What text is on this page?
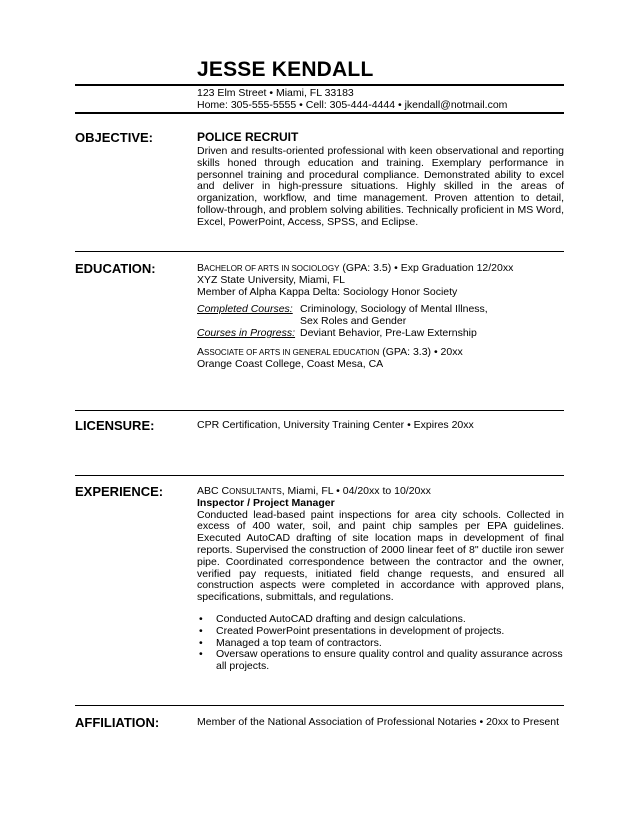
JESSE KENDALL
123 Elm Street • Miami, FL 33183
Home: 305-555-5555 • Cell: 305-444-4444 • jkendall@notmail.com
OBJECTIVE:	POLICE RECRUIT
Driven and results-oriented professional with keen observational and reporting skills honed through education and training. Exemplary performance in personnel training and procedural compliance. Demonstrated ability to excel and deliver in high-pressure situations. Highly skilled in the areas of organization, workflow, and time management. Proven attention to detail, follow-through, and problem solving abilities. Technically proficient in MS Word, Excel, PowerPoint, Access, SPSS, and Eclipse.
EDUCATION:	BACHELOR OF ARTS IN SOCIOLOGY (GPA: 3.5) • Exp Graduation 12/20xx
XYZ State University, Miami, FL
Member of Alpha Kappa Delta: Sociology Honor Society
Completed Courses: Criminology, Sociology of Mental Illness,
Sex Roles and Gender
Courses in Progress: Deviant Behavior, Pre-Law Externship
ASSOCIATE OF ARTS IN GENERAL EDUCATION (GPA: 3.3) • 20xx
Orange Coast College, Coast Mesa, CA
LICENSURE:	CPR Certification, University Training Center • Expires 20xx
EXPERIENCE:	ABC CONSULTANTS, Miami, FL • 04/20xx to 10/20xx
Inspector / Project Manager
Conducted lead-based paint inspections for area city schools. Collected in excess of 400 water, soil, and paint chip samples per EPA guidelines. Executed AutoCAD drafting of site location maps in development of final reports. Supervised the construction of 2000 linear feet of 8" ductile iron sewer pipe. Coordinated correspondence between the contractor and the owner, verified pay requests, initiated field change requests, and ensured all construction aspects were completed in accordance with approved plans, specifications, submittals, and regulations.
• Conducted AutoCAD drafting and design calculations.
• Created PowerPoint presentations in development of projects.
• Managed a top team of contractors.
• Oversaw operations to ensure quality control and quality assurance across all projects.
AFFILIATION:	Member of the National Association of Professional Notaries • 20xx to Present
